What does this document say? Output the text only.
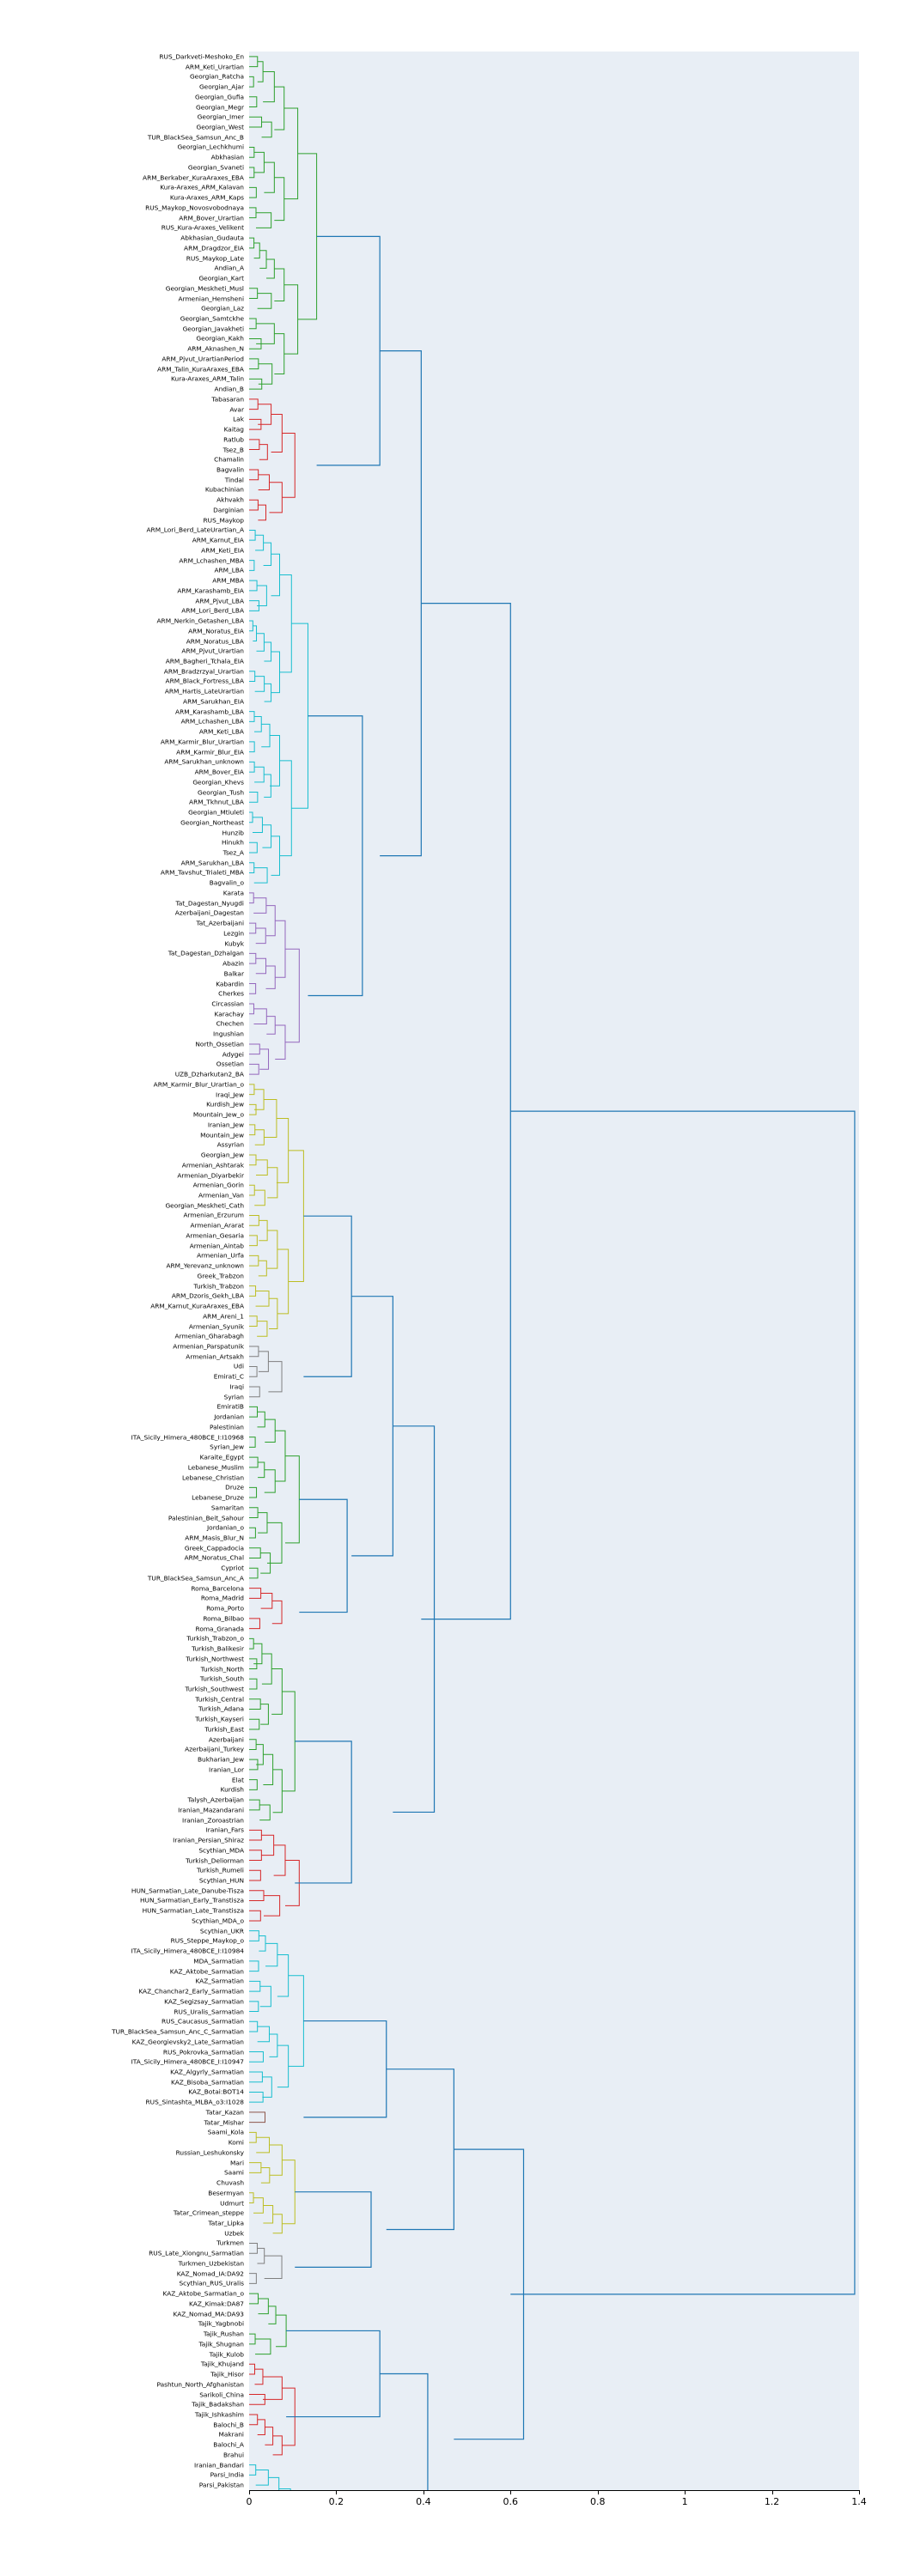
RUS_Darkveti-Meshoko_En
ARM_Keti_Urartian
Georgian_Ratcha
Georgian_Ajar
Georgian_Gufia
Georgian_Megr
Georgian_Imer
Georgian_West
TUR_BlackSea_Samsun_Anc_B
Georgian_Lechkhumi
Abkhasian
Georgian_Svaneti
ARM_Berkaber_KuraAraxes_EBA
Kura-Araxes_ARM_Kalavan
Kura-Araxes_ARM_Kaps
RUS_Maykop_Novosvobodnaya
ARM_Bover_Urartian
RUS_Kura-Araxes_Velikent
Abkhasian_Gudauta
ARM_Dragdzor_EIA
RUS_Maykop_Late
Andian_A
Georgian_Kart
Georgian_Meskheti_Musl
Armenian_Hemsheni
Georgian_Laz
Georgian_Samtckhe
Georgian_Javakheti
Georgian_Kakh
ARM_Aknashen_N
ARM_Pjvut_UrartianPeriod
ARM_Talin_KuraAraxes_EBA
Kura-Araxes_ARM_Talin
Andian_B
Tabasaran
Avar
Lak
Kaitag
Ratlub
Tsez_B
Chamalin
Bagvalin
Tindal
Kubachinian
Akhvakh
Darginian
RUS_Maykop
ARM_Lori_Berd_LateUrartian_A
ARM_Karnut_EIA
ARM_Keti_EIA
ARM_Lchashen_MBA
ARM_LBA
ARM_MBA
ARM_Karashamb_EIA
ARM_Pjvut_LBA
ARM_Lori_Berd_LBA
ARM_Nerkin_Getashen_LBA
ARM_Noratus_EIA
ARM_Noratus_LBA
ARM_Pjvut_Urartian
ARM_Bagheri_Tchala_EIA
ARM_Bradzrzyal_Urartian
ARM_Black_Fortress_LBA
ARM_Hartis_LateUrartian
ARM_Sarukhan_EIA
ARM_Karashamb_LBA
ARM_Lchashen_LBA
ARM_Keti_LBA
ARM_Karmir_Blur_Urartian
ARM_Karmir_Blur_EIA
ARM_Sarukhan_unknown
ARM_Bover_EIA
Georgian_Khevs
Georgian_Tush
ARM_Tkhnut_LBA
Georgian_Mtiuleti
Georgian_Northeast
Hunzib
Hinukh
Tsez_A
ARM_Sarukhan_LBA
ARM_Tavshut_Trialeti_MBA
Bagvalin_o
Karata
Tat_Dagestan_Nyugdi
Azerbaijani_Dagestan
Tat_Azerbaijani
Lezgin
Kubyk
Tat_Dagestan_Dzhalgan
Abazin
Balkar
Kabardin
Cherkes
Circassian
Karachay
Chechen
Ingushian
North_Ossetian
Adygei
Ossetian
UZB_Dzharkutan2_BA
ARM_Karmir_Blur_Urartian_o
Iraqi_Jew
Kurdish_Jew
Mountain_Jew_o
Iranian_Jew
Mountain_Jew
Assyrian
Georgian_Jew
Armenian_Ashtarak
Armenian_Diyarbekir
Armenian_Gorin
Armenian_Van
Georgian_Meskheti_Cath
Armenian_Erzurum
Armenian_Ararat
Armenian_Gesaria
Armenian_Aintab
Armenian_Urfa
ARM_Yerevanz_unknown
Greek_Trabzon
Turkish_Trabzon
ARM_Dzoris_Gekh_LBA
ARM_Karnut_KuraAraxes_EBA
ARM_Areni_1
Armenian_Syunik
Armenian_Gharabagh
Armenian_Parspatunik
Armenian_Artsakh
Udi
Emirati_C
Iraqi
Syrian
EmiratiB
Jordanian
Palestinian
ITA_Sicily_Himera_480BCE_I:I10968
Syrian_Jew
Karaite_Egypt
Lebanese_Muslim
Lebanese_Christian
Druze
Lebanese_Druze
Samaritan
Palestinian_Beit_Sahour
Jordanian_o
ARM_Masis_Blur_N
Greek_Cappadocia
ARM_Noratus_Chal
Cypriot
TUR_BlackSea_Samsun_Anc_A
Roma_Barcelona
Roma_Madrid
Roma_Porto
Roma_Bilbao
Roma_Granada
Turkish_Trabzon_o
Turkish_Balikesir
Turkish_Northwest
Turkish_North
Turkish_South
Turkish_Southwest
Turkish_Central
Turkish_Adana
Turkish_Kayseri
Turkish_East
Azerbaijani
Azerbaijani_Turkey
Bukharian_Jew
Iranian_Lor
Elat
Kurdish
Talysh_Azerbaijan
Iranian_Mazandarani
Iranian_Zoroastrian
Iranian_Fars
Iranian_Persian_Shiraz
Scythian_MDA
Turkish_Deliorman
Turkish_Rumeli
Scythian_HUN
HUN_Sarmatian_Late_Danube-Tisza
HUN_Sarmatian_Early_Transtisza
HUN_Sarmatian_Late_Transtisza
Scythian_MDA_o
Scythian_UKR
RUS_Steppe_Maykop_o
ITA_Sicily_Himera_480BCE_I:I10984
MDA_Sarmatian
KAZ_Aktobe_Sarmatian
KAZ_Sarmatian
KAZ_Chanchar2_Early_Sarmatian
KAZ_Segizsay_Sarmatian
RUS_Uralis_Sarmatian
RUS_Caucasus_Sarmatian
TUR_BlackSea_Samsun_Anc_C_Sarmatian
KAZ_Georgievsky2_Late_Sarmatian
RUS_Pokrovka_Sarmatian
ITA_Sicily_Himera_480BCE_I:I10947
KAZ_Algyrly_Sarmatian
KAZ_Bisoba_Sarmatian
KAZ_Botai:BOT14
RUS_Sintashta_MLBA_o3:I1028
Tatar_Kazan
Tatar_Mishar
Saami_Kola
Komi
Russian_Leshukonsky
Mari
Saami
Chuvash
Besermyan
Udmurt
Tatar_Crimean_steppe
Tatar_Lipka
Uzbek
Turkmen
RUS_Late_Xiongnu_Sarmatian
Turkmen_Uzbekistan
KAZ_Nomad_IA:DA92
Scythian_RUS_Uralis
KAZ_Aktobe_Sarmatian_o
KAZ_Kimak:DA87
KAZ_Nomad_MA:DA93
Tajik_Yagbnobi
Tajik_Rushan
Tajik_Shugnan
Tajik_Kulob
Tajik_Khujand
Tajik_Hisor
Pashtun_North_Afghanistan
Sarikoli_China
Tajik_Badakshan
Tajik_Ishkashim
Balochi_B
Makrani
Balochi_A
Brahui
Iranian_Bandari
Parsi_India
Parsi_Pakistan
0	0.2	0.4	0.6	0.8	1	1.2	1.4
